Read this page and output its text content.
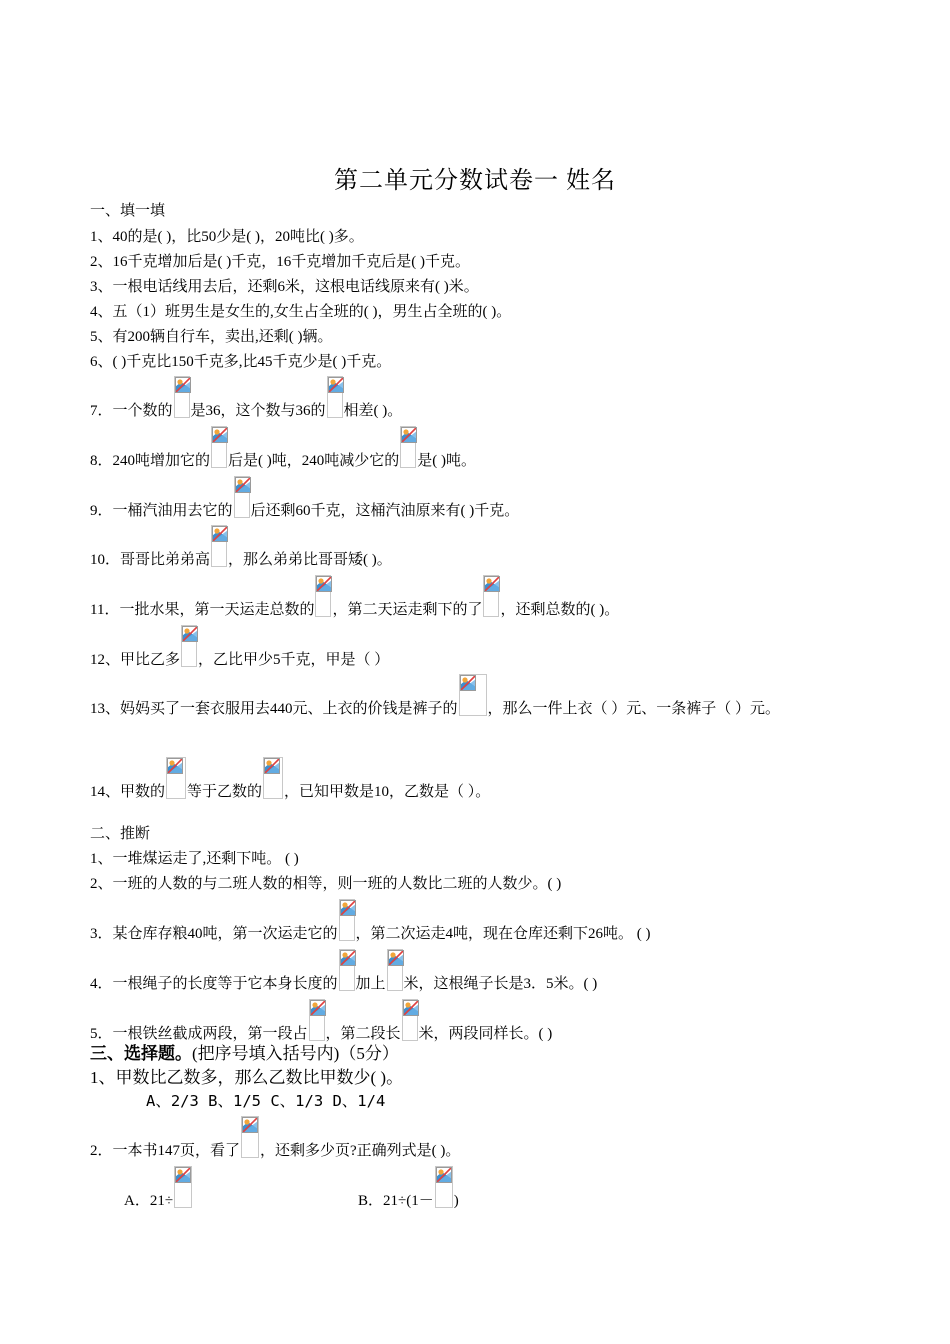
第二单元分数试卷一 姓名
一、填一填
1、40的是( )，比50少是( )，20吨比( )多。
2、16千克增加后是( )千克，16千克增加千克后是( )千克。
3、一根电话线用去后，还剩6米，这根电话线原来有( )米。
4、五（1）班男生是女生的,女生占全班的( )，男生占全班的( )。
5、有200辆自行车，卖出,还剩( )辆。
6、( )千克比150千克多,比45千克少是( )千克。
7．一个数的 是36，这个数与36的 相差( )。
8．240吨增加它的 后是( )吨，240吨减少它的 是( )吨。
9．一桶汽油用去它的 后还剩60千克，这桶汽油原来有( )千克。
10．哥哥比弟弟高 ，那么弟弟比哥哥矮( )。
11．一批水果，第一天运走总数的 ，第二天运走剩下的了 ，还剩总数的( )。
12、甲比乙多 ，乙比甲少5千克，甲是（ ）
13、妈妈买了一套衣服用去440元、上衣的价钱是裤子的 ，那么一件上衣（ ）元、一条裤子（ ）元。
14、甲数的 等于乙数的 ，已知甲数是10，乙数是（ ）。
二、推断
1、一堆煤运走了,还剩下吨。 ( )
2、一班的人数的与二班人数的相等，则一班的人数比二班的人数少。( )
3．某仓库存粮40吨，第一次运走它的 ，第二次运走4吨，现在仓库还剩下26吨。 ( )
4．一根绳子的长度等于它本身长度的 加上 米，这根绳子长是3．5米。( )
5．一根铁丝截成两段，第一段占 ，第二段长 米，两段同样长。( )
三、选择题。(把序号填入括号内)（5分）
1、甲数比乙数多，那么乙数比甲数少( )。
A、2/3 B、1/5 C、1/3 D、1/4
2．一本书147页，看了 ，还剩多少页?正确列式是( )。
A．21÷	B．21÷(1－ )
